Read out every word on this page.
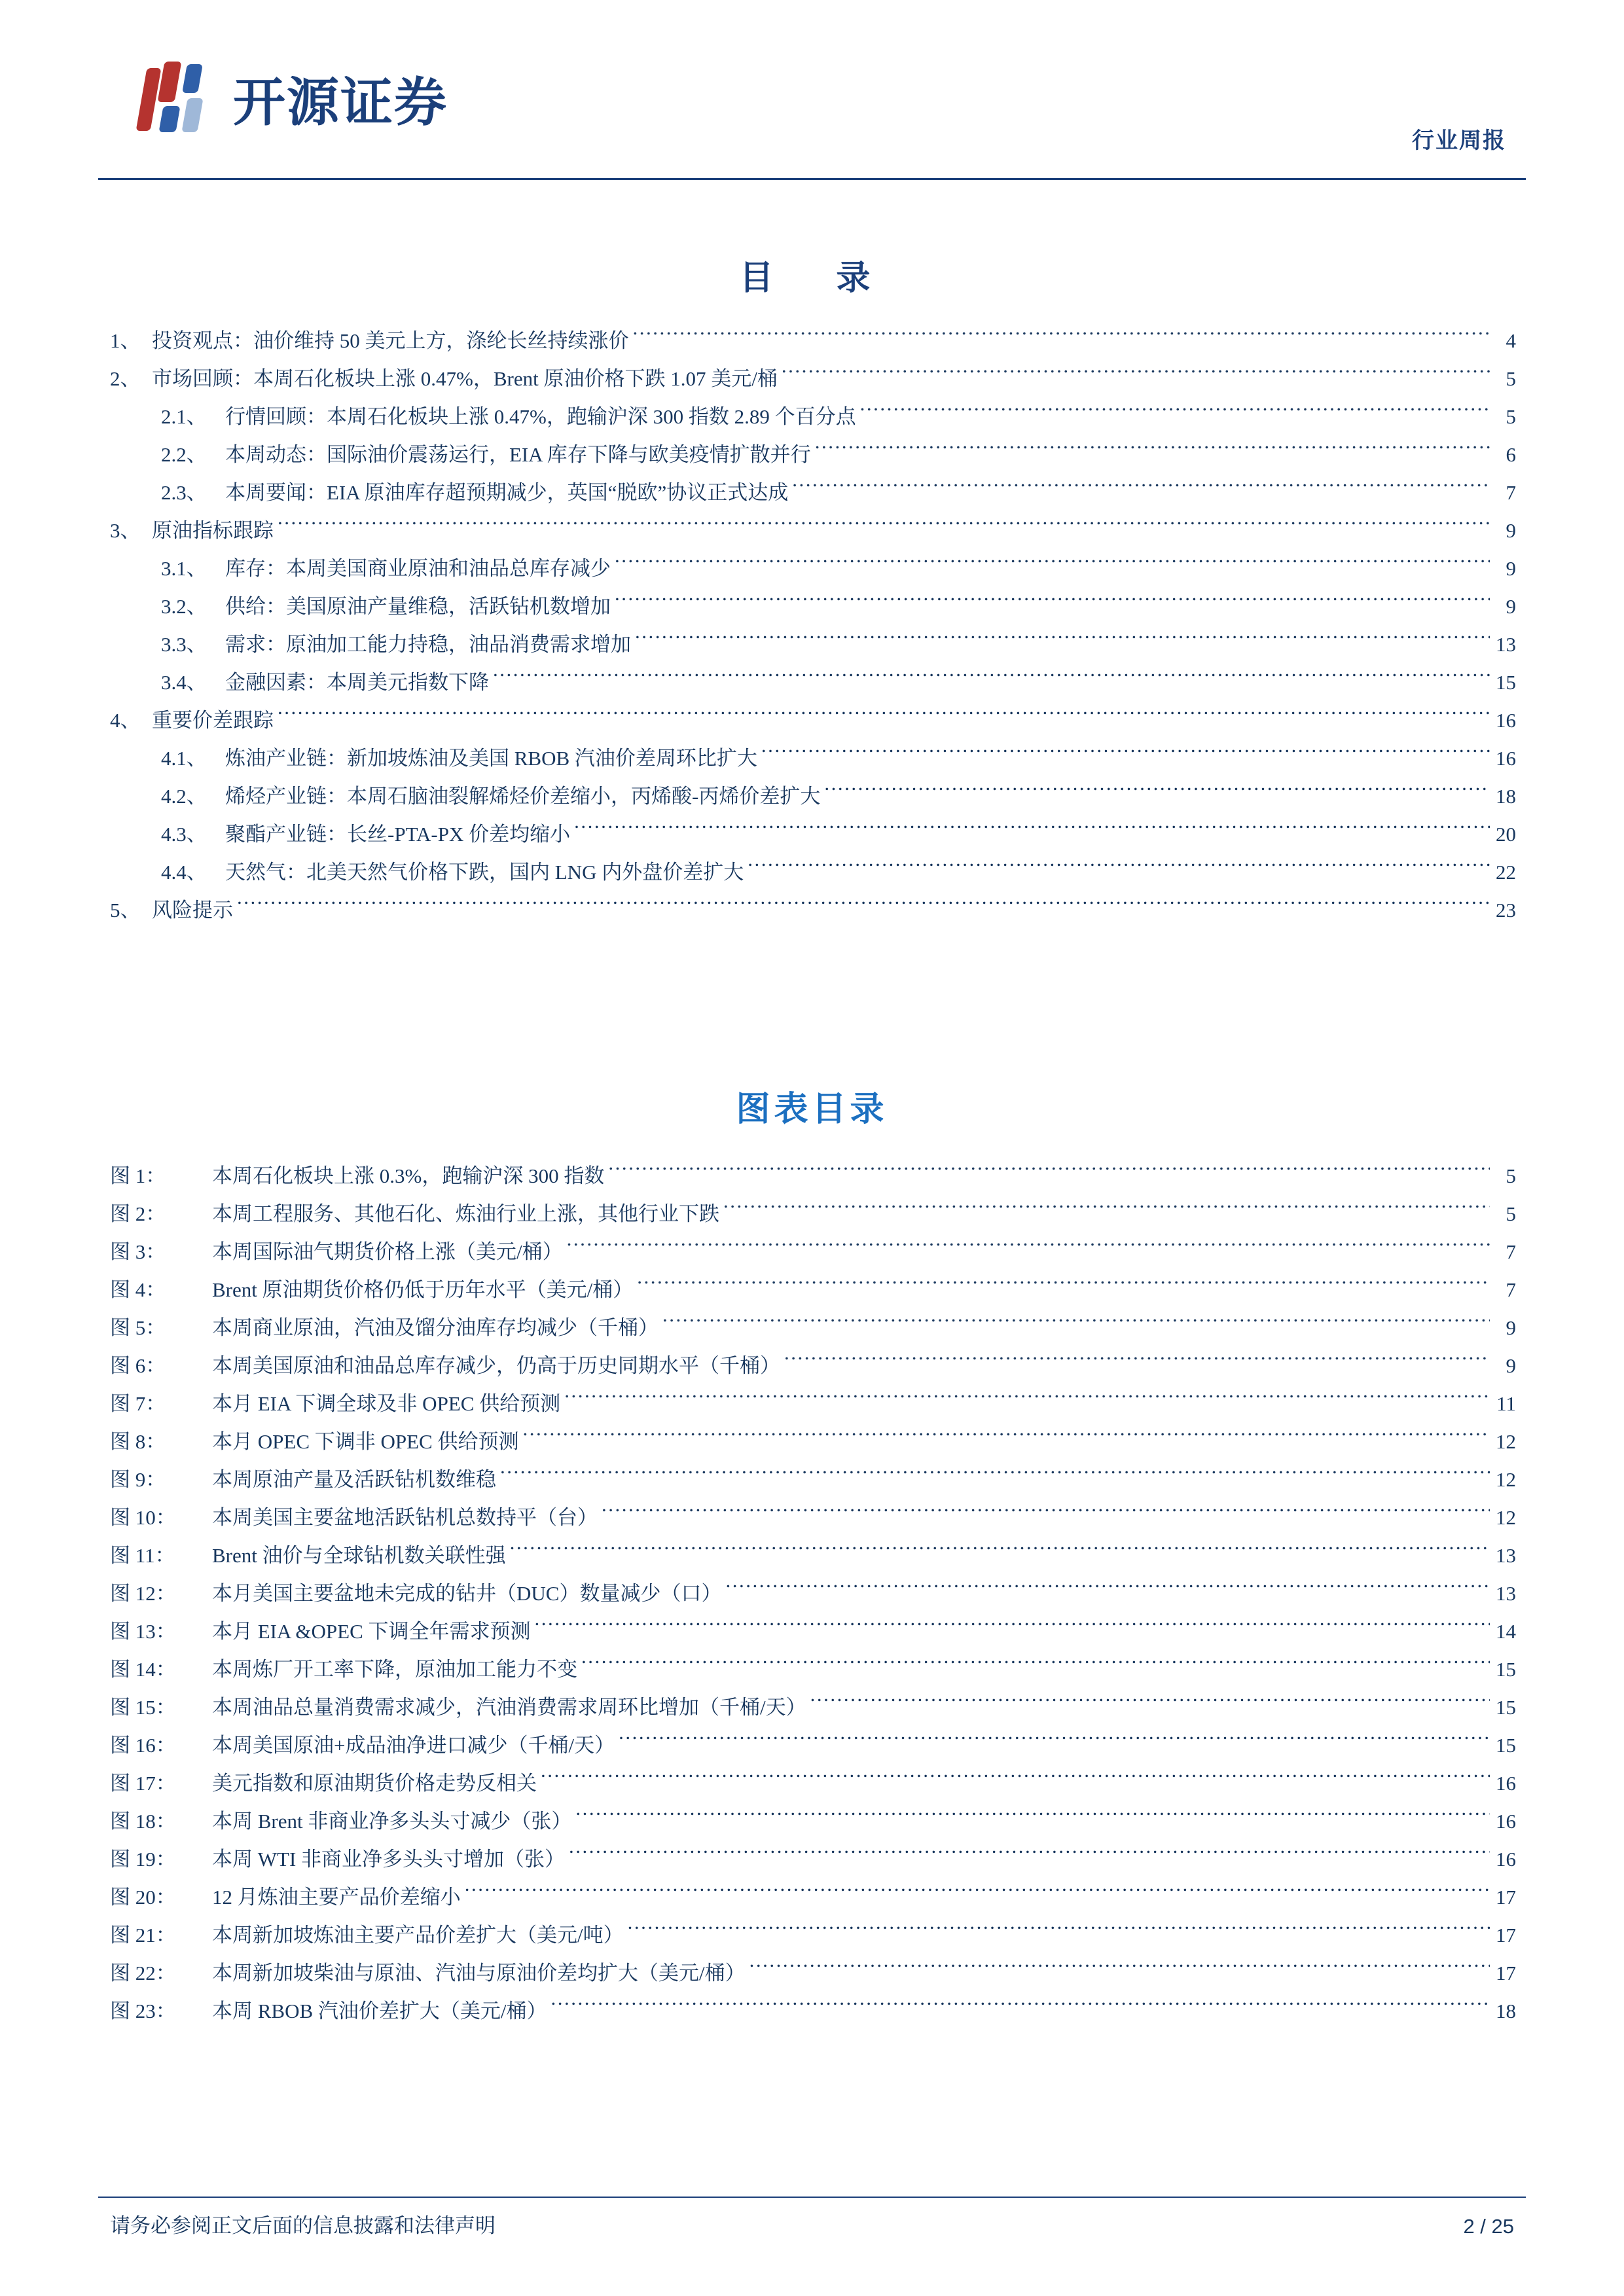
开源证券
行业周报
目　录
1、 投资观点：油价维持 50 美元上方，涤纶长丝持续涨价 .....	4
2、 市场回顾：本周石化板块上涨 0.47%，Brent 原油价格下跌 1.07 美元/桶 .....	5
2.1、 行情回顾：本周石化板块上涨 0.47%，跑输沪深 300 指数 2.89 个百分点 .....	5
2.2、 本周动态：国际油价震荡运行，EIA 库存下降与欧美疫情扩散并行 .....	6
2.3、 本周要闻：EIA 原油库存超预期减少，英国“脱欧”协议正式达成 .....	7
3、 原油指标跟踪 .....	9
3.1、 库存：本周美国商业原油和油品总库存减少 .....	9
3.2、 供给：美国原油产量维稳，活跃钻机数增加 .....	9
3.3、 需求：原油加工能力持稳，油品消费需求增加 .....	13
3.4、 金融因素：本周美元指数下降 .....	15
4、 重要价差跟踪 .....	16
4.1、 炼油产业链：新加坡炼油及美国 RBOB 汽油价差周环比扩大 .....	16
4.2、 烯烃产业链：本周石脑油裂解烯烃价差缩小，丙烯酸-丙烯价差扩大 .....	18
4.3、 聚酯产业链：长丝-PTA-PX 价差均缩小 .....	20
4.4、 天然气：北美天然气价格下跌，国内 LNG 内外盘价差扩大 .....	22
5、 风险提示 .....	23
图表目录
图 1：	本周石化板块上涨 0.3%，跑输沪深 300 指数 .....	5
图 2：	本周工程服务、其他石化、炼油行业上涨，其他行业下跌 .....	5
图 3：	本周国际油气期货价格上涨（美元/桶） .....	7
图 4：	Brent 原油期货价格仍低于历年水平（美元/桶） .....	7
图 5：	本周商业原油，汽油及馏分油库存均减少（千桶） .....	9
图 6：	本周美国原油和油品总库存减少，仍高于历史同期水平（千桶） .....	9
图 7：	本月 EIA 下调全球及非 OPEC 供给预测 .....	11
图 8：	本月 OPEC 下调非 OPEC 供给预测 .....	12
图 9：	本周原油产量及活跃钻机数维稳 .....	12
图 10：	本周美国主要盆地活跃钻机总数持平（台） .....	12
图 11：	Brent 油价与全球钻机数关联性强 .....	13
图 12：	本月美国主要盆地未完成的钻井（DUC）数量减少（口） .....	13
图 13：	本月 EIA &OPEC 下调全年需求预测 .....	14
图 14：	本周炼厂开工率下降，原油加工能力不变 .....	15
图 15：	本周油品总量消费需求减少，汽油消费需求周环比增加（千桶/天） .....	15
图 16：	本周美国原油+成品油净进口减少（千桶/天） .....	15
图 17：	美元指数和原油期货价格走势反相关 .....	16
图 18：	本周 Brent 非商业净多头头寸减少（张） .....	16
图 19：	本周 WTI 非商业净多头头寸增加（张） .....	16
图 20：	12 月炼油主要产品价差缩小 .....	17
图 21：	本周新加坡炼油主要产品价差扩大（美元/吨） .....	17
图 22：	本周新加坡柴油与原油、汽油与原油价差均扩大（美元/桶） .....	17
图 23：	本周 RBOB 汽油价差扩大（美元/桶） .....	18
请务必参阅正文后面的信息披露和法律声明	2 / 25
